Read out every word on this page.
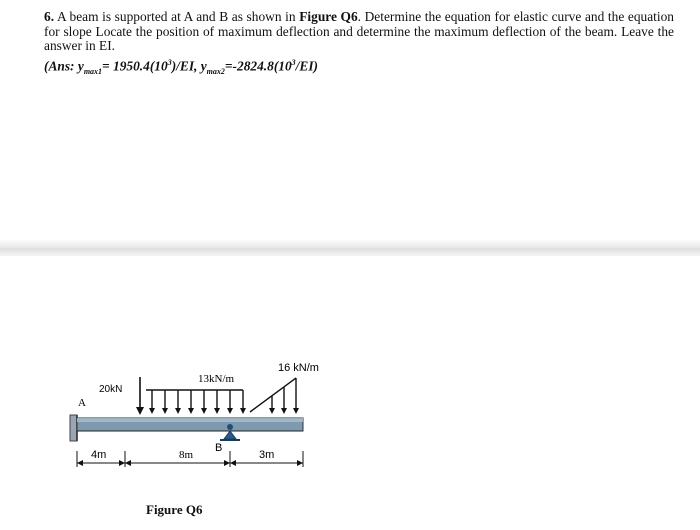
6. A beam is supported at A and B as shown in Figure Q6. Determine the equation for elastic curve and the equation for slope Locate the position of maximum deflection and determine the maximum deflection of the beam. Leave the answer in EI.
(Ans: $y_{max1}= 1950.4(10^3)/EI$, $y_{max2}=-2824.8(10^3/EI)$
16 kN/m
13kN/m
20kN
A
B
4m	8m	3m
Figure Q6
